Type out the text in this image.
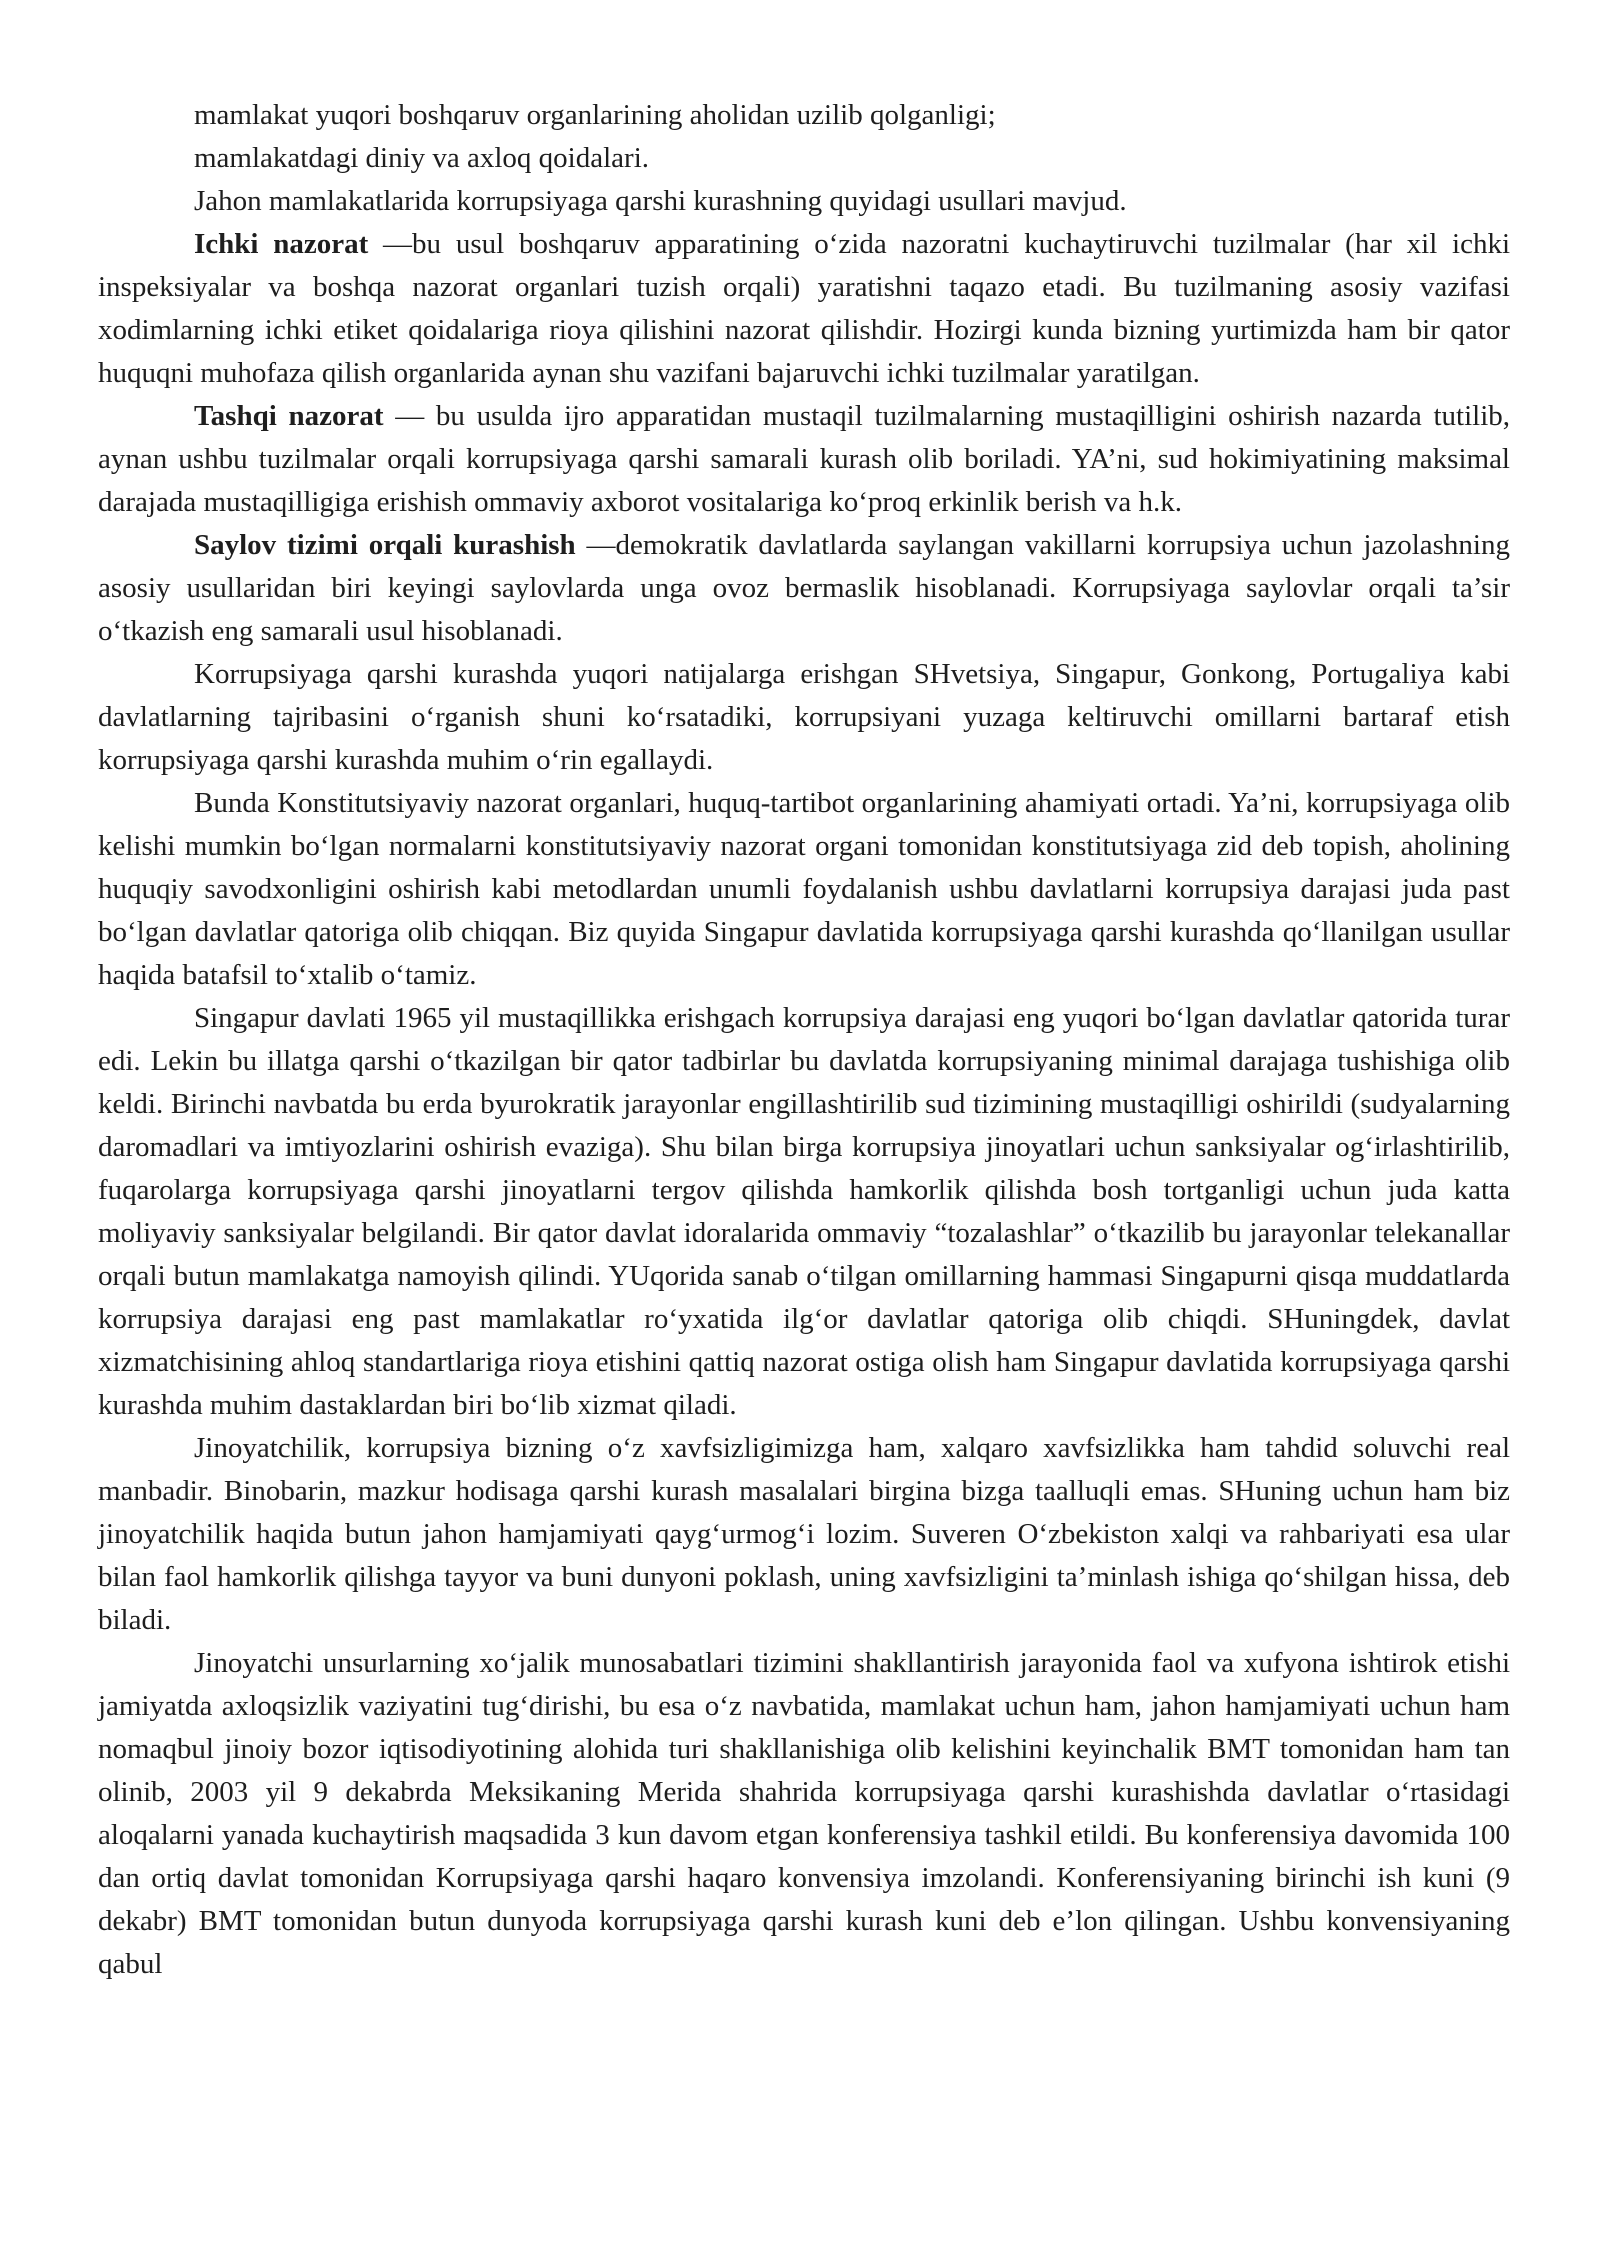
mamlakat yuqori boshqaruv organlarining aholidan uzilib qolganligi;

mamlakatdagi diniy va axloq qoidalari.

Jahon mamlakatlarida korrupsiyaga qarshi kurashning quyidagi usullari mavjud.

Ichki nazorat —bu usul boshqaruv apparatining o‘zida nazoratni kuchaytiruvchi tuzilmalar (har xil ichki inspeksiyalar va boshqa nazorat organlari tuzish orqali) yaratishni taqazo etadi. Bu tuzilmaning asosiy vazifasi xodimlarning ichki etiket qoidalariga rioya qilishini nazorat qilishdir. Hozirgi kunda bizning yurtimizda ham bir qator huquqni muhofaza qilish organlarida aynan shu vazifani bajaruvchi ichki tuzilmalar yaratilgan.

Tashqi nazorat — bu usulda ijro apparatidan mustaqil tuzilmalarning mustaqilligini oshirish nazarda tutilib, aynan ushbu tuzilmalar orqali korrupsiyaga qarshi samarali kurash olib boriladi. YA’ni, sud hokimiyatining maksimal darajada mustaqilligiga erishish ommaviy axborot vositalariga ko‘proq erkinlik berish va h.k.

Saylov tizimi orqali kurashish —demokratik davlatlarda saylangan vakillarni korrupsiya uchun jazolashning asosiy usullaridan biri keyingi saylovlarda unga ovoz bermaslik hisoblanadi. Korrupsiyaga saylovlar orqali ta’sir o‘tkazish eng samarali usul hisoblanadi.

Korrupsiyaga qarshi kurashda yuqori natijalarga erishgan SHvetsiya, Singapur, Gonkong, Portugaliya kabi davlatlarning tajribasini o‘rganish shuni ko‘rsatadiki, korrupsiyani yuzaga keltiruvchi omillarni bartaraf etish korrupsiyaga qarshi kurashda muhim o‘rin egallaydi.

Bunda Konstitutsiyaviy nazorat organlari, huquq-tartibot organlarining ahamiyati ortadi. Ya’ni, korrupsiyaga olib kelishi mumkin bo‘lgan normalarni konstitutsiyaviy nazorat organi tomonidan konstitutsiyaga zid deb topish, aholining huquqiy savodxonligini oshirish kabi metodlardan unumli foydalanish ushbu davlatlarni korrupsiya darajasi juda past bo‘lgan davlatlar qatoriga olib chiqqan. Biz quyida Singapur davlatida korrupsiyaga qarshi kurashda qo‘llanilgan usullar haqida batafsil to‘xtalib o‘tamiz.

Singapur davlati 1965 yil mustaqillikka erishgach korrupsiya darajasi eng yuqori bo‘lgan davlatlar qatorida turar edi. Lekin bu illatga qarshi o‘tkazilgan bir qator tadbirlar bu davlatda korrupsiyaning minimal darajaga tushishiga olib keldi. Birinchi navbatda bu erda byurokratik jarayonlar engillashtirilib sud tizimining mustaqilligi oshirildi (sudyalarning daromadlari va imtiyozlarini oshirish evaziga). Shu bilan birga korrupsiya jinoyatlari uchun sanksiyalar og‘irlashtirilib, fuqarolarga korrupsiyaga qarshi jinoyatlarni tergov qilishda hamkorlik qilishda bosh tortganligi uchun juda katta moliyaviy sanksiyalar belgilandi. Bir qator davlat idoralarida ommaviy “tozalashlar” o‘tkazilib bu jarayonlar telekanallar orqali butun mamlakatga namoyish qilindi. YUqorida sanab o‘tilgan omillarning hammasi Singapurni qisqa muddatlarda korrupsiya darajasi eng past mamlakatlar ro‘yxatida ilg‘or davlatlar qatoriga olib chiqdi. SHuningdek, davlat xizmatchisining ahloq standartlariga rioya etishini qattiq nazorat ostiga olish ham Singapur davlatida korrupsiyaga qarshi kurashda muhim dastaklardan biri bo‘lib xizmat qiladi.

Jinoyatchilik, korrupsiya bizning o‘z xavfsizligimizga ham, xalqaro xavfsizlikka ham tahdid soluvchi real manbadir. Binobarin, mazkur hodisaga qarshi kurash masalalari birgina bizga taalluqli emas. SHuning uchun ham biz jinoyatchilik haqida butun jahon hamjamiyati qayg‘urmog‘i lozim. Suveren O‘zbekiston xalqi va rahbariyati esa ular bilan faol hamkorlik qilishga tayyor va buni dunyoni poklash, uning xavfsizligini ta’minlash ishiga qo‘shilgan hissa, deb biladi.

Jinoyatchi unsurlarning xo‘jalik munosabatlari tizimini shakllantirish jarayonida faol va xufyona ishtirok etishi jamiyatda axloqsizlik vaziyatini tug‘dirishi, bu esa o‘z navbatida, mamlakat uchun ham, jahon hamjamiyati uchun ham nomaqbul jinoiy bozor iqtisodiyotining alohida turi shakllanishiga olib kelishini keyinchalik BMT tomonidan ham tan olinib, 2003 yil 9 dekabrda Meksikaning Merida shahrida korrupsiyaga qarshi kurashishda davlatlar o‘rtasidagi aloqalarni yanada kuchaytirish maqsadida 3 kun davom etgan konferensiya tashkil etildi. Bu konferensiya davomida 100 dan ortiq davlat tomonidan Korrupsiyaga qarshi haqaro konvensiya imzolandi. Konferensiyaning birinchi ish kuni (9 dekabr) BMT tomonidan butun dunyoda korrupsiyaga qarshi kurash kuni deb e’lon qilingan. Ushbu konvensiyaning qabul
